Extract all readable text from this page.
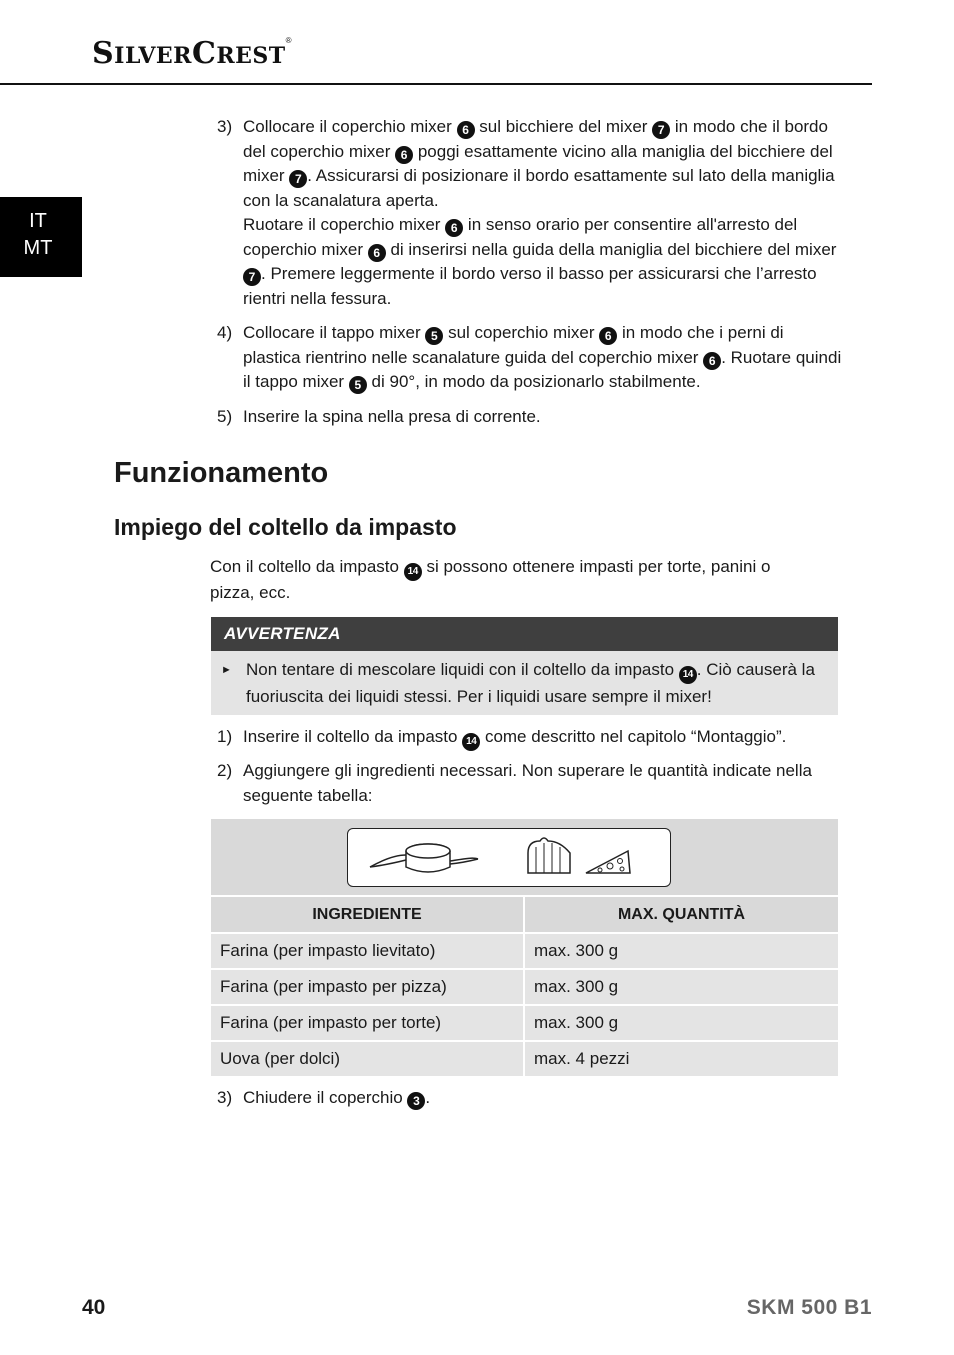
SILVERCREST®
IT
MT
3) Collocare il coperchio mixer 6 sul bicchiere del mixer 7 in modo che il bordo del coperchio mixer 6 poggi esattamente vicino alla maniglia del bicchiere del mixer 7 . Assicurarsi di posizionare il bordo esattamente sul lato della maniglia con la scanalatura aperta.
Ruotare il coperchio mixer 6 in senso orario per consentire all'arresto del coperchio mixer 6 di inserirsi nella guida della maniglia del bicchiere del mixer 7 . Premere leggermente il bordo verso il basso per assicurarsi che l’arresto rientri nella fessura.
4) Collocare il tappo mixer 5 sul coperchio mixer 6 in modo che i perni di plastica rientrino nelle scanalature guida del coperchio mixer 6 . Ruotare quindi il tappo mixer 5 di 90°, in modo da posizionarlo stabilmente.
5) Inserire la spina nella presa di corrente.
Funzionamento
Impiego del coltello da impasto
Con il coltello da impasto 14 si possono ottenere impasti per torte, panini o pizza, ecc.
AVVERTENZA
► Non tentare di mescolare liquidi con il coltello da impasto 14 . Ciò causerà la fuoriuscita dei liquidi stessi. Per i liquidi usare sempre il mixer!
1) Inserire il coltello da impasto 14 come descritto nel capitolo “Montaggio”.
2) Aggiungere gli ingredienti necessari. Non superare le quantità indicate nella seguente tabella:
INGREDIENTE	MAX. QUANTITÀ
Farina (per impasto lievitato)	max. 300 g
Farina (per impasto per pizza)	max. 300 g
Farina (per impasto per torte)	max. 300 g
Uova (per dolci)	max. 4 pezzi
3) Chiudere il coperchio 3 .
40	SKM 500 B1
